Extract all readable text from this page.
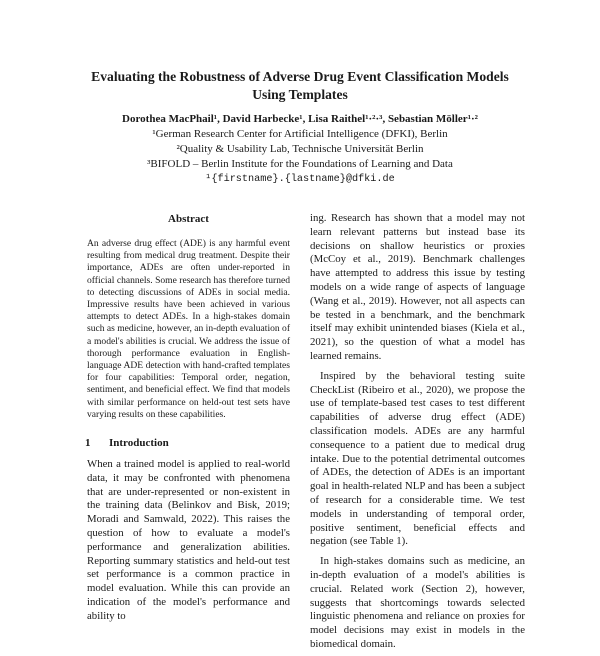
Evaluating the Robustness of Adverse Drug Event Classification Models
Using Templates
Dorothea MacPhail¹, David Harbecke¹, Lisa Raithel¹·²·³, Sebastian Möller¹·²
¹German Research Center for Artificial Intelligence (DFKI), Berlin
²Quality & Usability Lab, Technische Universität Berlin
³BIFOLD – Berlin Institute for the Foundations of Learning and Data
¹{firstname}.{lastname}@dfki.de
Abstract

An adverse drug effect (ADE) is any harmful event resulting from medical drug treatment. Despite their importance, ADEs are often under-reported in official channels. Some research has therefore turned to detecting discussions of ADEs in social media. Impressive results have been achieved in various attempts to detect ADEs. In a high-stakes domain such as medicine, however, an in-depth evaluation of a model's abilities is crucial. We address the issue of thorough performance evaluation in English-language ADE detection with hand-crafted templates for four capabilities: Temporal order, negation, sentiment, and beneficial effect. We find that models with similar performance on held-out test sets have varying results on these capabilities.

1 Introduction

When a trained model is applied to real-world data, it may be confronted with phenomena that are under-represented or non-existent in the training data (Belinkov and Bisk, 2019; Moradi and Samwald, 2022). This raises the question of how to evaluate a model's performance and generalization abilities. Reporting summary statistics and held-out test set performance is a common practice in model evaluation. While this can provide an indication of the model's performance and ability to

ing. Research has shown that a model may not learn relevant patterns but instead base its decisions on shallow heuristics or proxies (McCoy et al., 2019). Benchmark challenges have attempted to address this issue by testing models on a wide range of aspects of language (Wang et al., 2019). However, not all aspects can be tested in a benchmark, and the benchmark itself may exhibit unintended biases (Kiela et al., 2021), so the question of what a model has learned remains.

Inspired by the behavioral testing suite CheckList (Ribeiro et al., 2020), we propose the use of template-based test cases to test different capabilities of adverse drug effect (ADE) classification models. ADEs are any harmful consequence to a patient due to medical drug intake. Due to the potential detrimental outcomes of ADEs, the detection of ADEs is an important goal in health-related NLP and has been a subject of research for a considerable time. We test models in understanding of temporal order, positive sentiment, beneficial effects and negation (see Table 1).

In high-stakes domains such as medicine, an in-depth evaluation of a model's abilities is crucial. Related work (Section 2), however, suggests that shortcomings towards selected linguistic phenomena and reliance on proxies for model decisions may exist in models in the biomedical domain.
